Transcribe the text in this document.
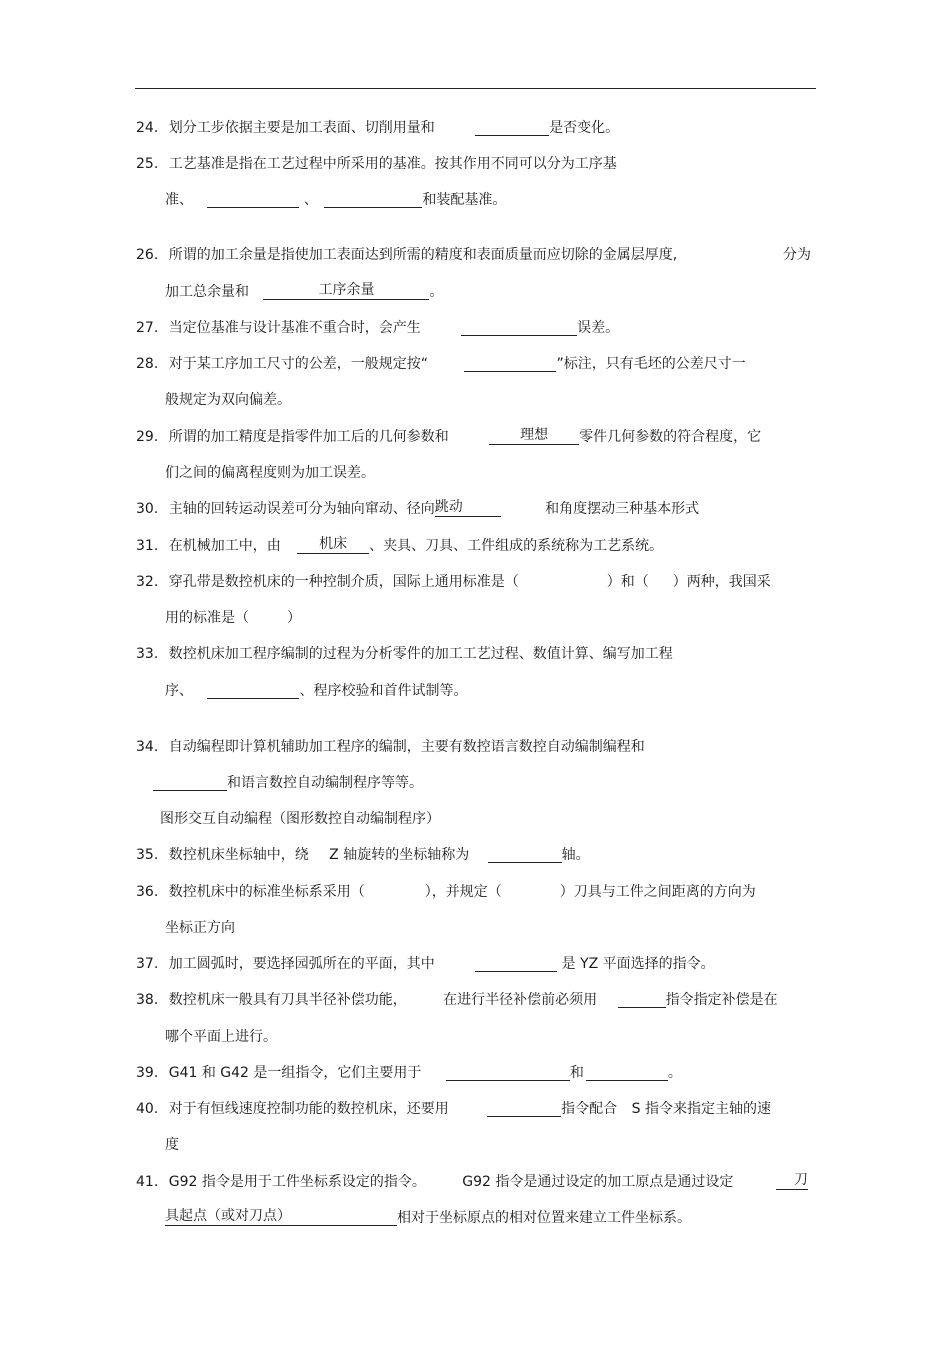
24. 划分工步依据主要是加工表面、切削用量和	是否变化。
25. 工艺基准是指在工艺过程中所采用的基准。按其作用不同可以分为工序基
准、	、	和装配基准。
26. 所谓的加工余量是指使加工表面达到所需的精度和表面质量而应切除的金属层厚度,	分为
加工总余量和	工序余量	。
27. 当定位基准与设计基准不重合时，会产生	误差。
28. 对于某工序加工尺寸的公差，一般规定按“	”标注，只有毛坯的公差尺寸一
般规定为双向偏差。
29. 所谓的加工精度是指零件加工后的几何参数和	理想 零件几何参数的符合程度，它
们之间的偏离程度则为加工误差。
30. 主轴的回转运动误差可分为轴向窜动、径向跳动	和角度摆动三种基本形式
31. 在机械加工中，由	机床 、夹具、刀具、工件组成的系统称为工艺系统。
32. 穿孔带是数控机床的一种控制介质，国际上通用标准是（	）和（ ）两种，我国采
用的标准是（	）
33. 数控机床加工程序编制的过程为分析零件的加工工艺过程、数值计算、编写加工程
序、	、程序校验和首件试制等。
34. 自动编程即计算机辅助加工程序的编制，主要有数控语言数控自动编制编程和
和语言数控自动编制程序等等。
图形交互自动编程（图形数控自动编制程序）
35. 数控机床坐标轴中，绕 Z 轴旋转的坐标轴称为	轴。
36. 数控机床中的标准坐标系采用（	），并规定（	）刀具与工件之间距离的方向为
坐标正方向
37. 加工圆弧时，要选择园弧所在的平面，其中	是 YZ 平面选择的指令。
38. 数控机床一般具有刀具半径补偿功能，	在进行半径补偿前必须用	指令指定补偿是在
哪个平面上进行。
39. G41 和 G42 是一组指令，它们主要用于	和	。
40. 对于有恒线速度控制功能的数控机床，还要用	指令配合 S 指令来指定主轴的速
度
41. G92 指令是用于工件坐标系设定的指令。	G92 指令是通过设定的加工原点是通过设定	刀
具起点（或对刀点）	相对于坐标原点的相对位置来建立工件坐标系。
